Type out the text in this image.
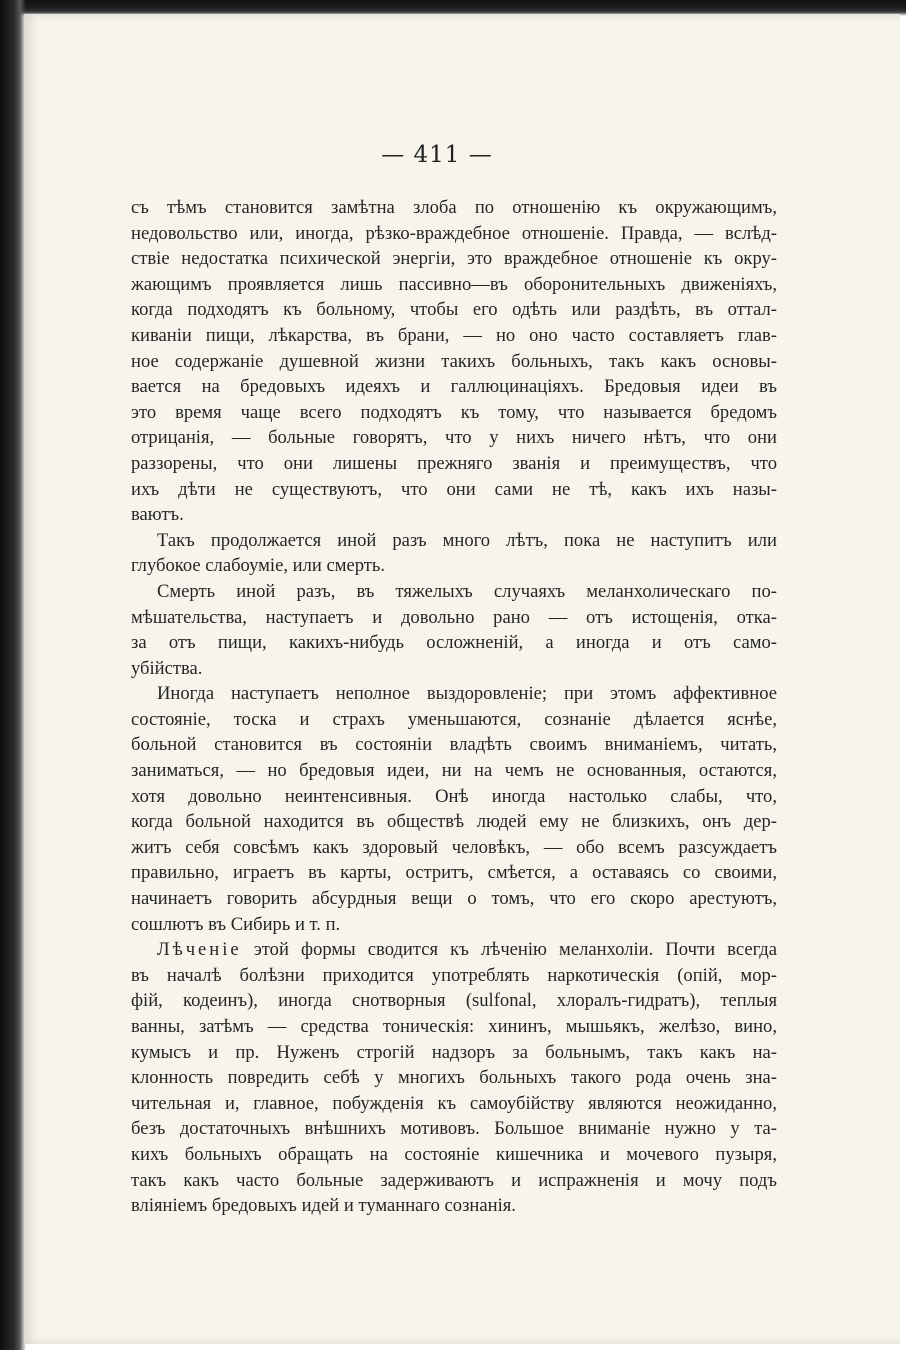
— 411 —
съ тѣмъ становится замѣтна злоба по отношенію къ окружающимъ,
недовольство или, иногда, рѣзко-враждебное отношеніе. Правда, — вслѣд-
ствіе недостатка психической энергіи, это враждебное отношеніе къ окру-
жающимъ проявляется лишь пассивно—въ оборонительныхъ движеніяхъ,
когда подходятъ къ больному, чтобы его одѣть или раздѣть, въ оттал-
киваніи пищи, лѣкарства, въ брани, — но оно часто составляетъ глав-
ное содержаніе душевной жизни такихъ больныхъ, такъ какъ основы-
вается на бредовыхъ идеяхъ и галлюцинаціяхъ. Бредовыя идеи въ
это время чаще всего подходятъ къ тому, что называется бредомъ
отрицанія, — больные говорятъ, что у нихъ ничего нѣтъ, что они
раззорены, что они лишены прежняго званія и преимуществъ, что
ихъ дѣти не существуютъ, что они сами не тѣ, какъ ихъ назы-
ваютъ.
Такъ продолжается иной разъ много лѣтъ, пока не наступитъ или
глубокое слабоуміе, или смерть.
Смерть иной разъ, въ тяжелыхъ случаяхъ меланхолическаго по-
мѣшательства, наступаетъ и довольно рано — отъ истощенія, отка-
за отъ пищи, какихъ-нибудь осложненій, а иногда и отъ само-
убійства.
Иногда наступаетъ неполное выздоровленіе; при этомъ аффективное
состояніе, тоска и страхъ уменьшаются, сознаніе дѣлается яснѣе,
больной становится въ состояніи владѣть своимъ вниманіемъ, читать,
заниматься, — но бредовыя идеи, ни на чемъ не основанныя, остаются,
хотя довольно неинтенсивныя. Онѣ иногда настолько слабы, что,
когда больной находится въ обществѣ людей ему не близкихъ, онъ дер-
житъ себя совсѣмъ какъ здоровый человѣкъ, — обо всемъ разсуждаетъ
правильно, играетъ въ карты, остритъ, смѣется, а оставаясь со своими,
начинаетъ говорить абсурдныя вещи о томъ, что его скоро арестуютъ,
сошлютъ въ Сибирь и т. п.
Лѣченіе этой формы сводится къ лѣченію меланхоліи. Почти всегда
въ началѣ болѣзни приходится употреблять наркотическія (опій, мор-
фій, кодеинъ), иногда снотворныя (sulfonal, хлоралъ-гидратъ), теплыя
ванны, затѣмъ — средства тоническія: хининъ, мышьякъ, желѣзо, вино,
кумысъ и пр. Нуженъ строгій надзоръ за больнымъ, такъ какъ на-
клонность повредить себѣ у многихъ больныхъ такого рода очень зна-
чительная и, главное, побужденія къ самоубійству являются неожиданно,
безъ достаточныхъ внѣшнихъ мотивовъ. Большое вниманіе нужно у та-
кихъ больныхъ обращать на состояніе кишечника и мочевого пузыря,
такъ какъ часто больные задерживаютъ и испражненія и мочу подъ
вліяніемъ бредовыхъ идей и туманнаго сознанія.
